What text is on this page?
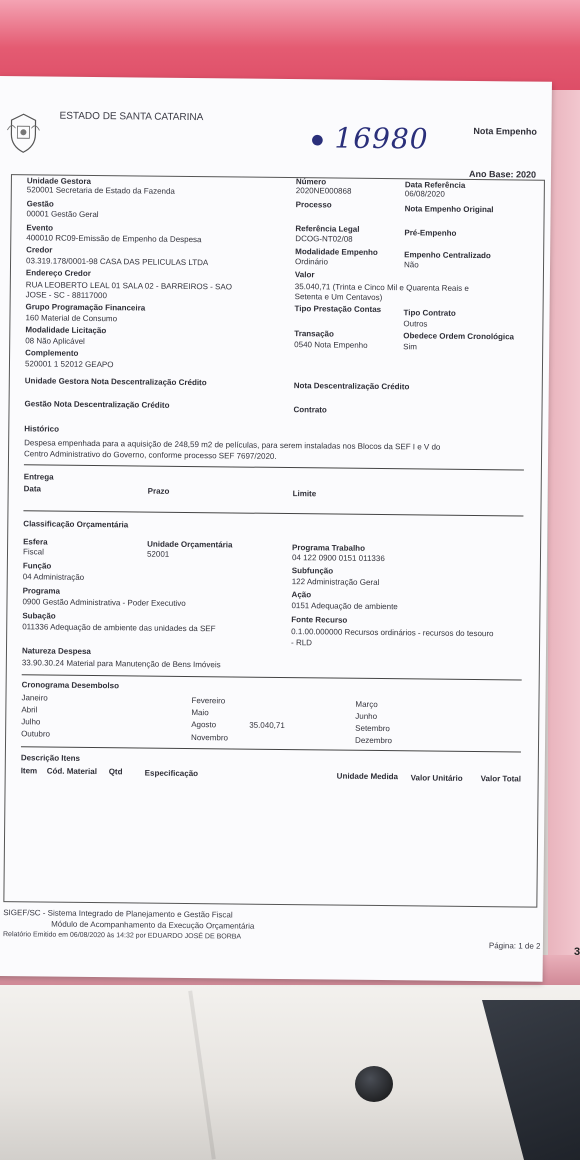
ESTADO DE SANTA CATARINA
Nota Empenho
● 16980
Ano Base: 2020
Unidade Gestora
520001 Secretaria de Estado da Fazenda
Gestão
00001 Gestão Geral
Evento
400010 RC09-Emissão de Empenho da Despesa
Credor
03.319.178/0001-98 CASA DAS PELICULAS LTDA
Endereço Credor
RUA LEOBERTO LEAL 01 SALA 02 - BARREIROS - SAO
JOSE - SC - 88117000
Grupo Programação Financeira
160 Material de Consumo
Modalidade Licitação
08 Não Aplicável
Complemento
520001 1 52012 GEAPO
Número
2020NE000868
Processo
Referência Legal
DCOG-NT02/08
Modalidade Empenho
Ordinário
Valor
35.040,71 (Trinta e Cinco Mil e Quarenta Reais e
Setenta e Um Centavos)
Tipo Prestação Contas
Transação
0540 Nota Empenho
Data Referência
06/08/2020
Nota Empenho Original
Pré-Empenho
Empenho Centralizado
Não
Tipo Contrato
Outros
Obedece Ordem Cronológica
Sim
Unidade Gestora Nota Descentralização Crédito	Nota Descentralização Crédito
Gestão Nota Descentralização Crédito	Contrato
Histórico
Despesa empenhada para a aquisição de 248,59 m2 de películas, para serem instaladas nos Blocos da SEF I e V do
Centro Administrativo do Governo, conforme processo SEF 7697/2020.
Entrega
Data	Prazo	Limite
Classificação Orçamentária
Esfera
Fiscal
Unidade Orçamentária
52001
Programa Trabalho
04 122 0900 0151 011336
Função
04 Administração
Subfunção
122 Administração Geral
Programa
0900 Gestão Administrativa - Poder Executivo
Ação
0151 Adequação de ambiente
Subação
011336 Adequação de ambiente das unidades da SEF
Fonte Recurso
0.1.00.000000 Recursos ordinários - recursos do tesouro
- RLD
Natureza Despesa
33.90.30.24 Material para Manutenção de Bens Imóveis
Cronograma Desembolso
Janeiro	Fevereiro	Março
Abril	Maio	Junho
Julho	Agosto	35.040,71	Setembro
Outubro	Novembro	Dezembro
Descrição Itens
Item Cód. Material Qtd	Especificação	Unidade Medida Valor Unitário Valor Total
SIGEF/SC - Sistema Integrado de Planejamento e Gestão Fiscal
Módulo de Acompanhamento da Execução Orçamentária
Relatório Emitido em 06/08/2020 às 14:32 por EDUARDO JOSÉ DE BORBA
Página: 1 de 2
3
